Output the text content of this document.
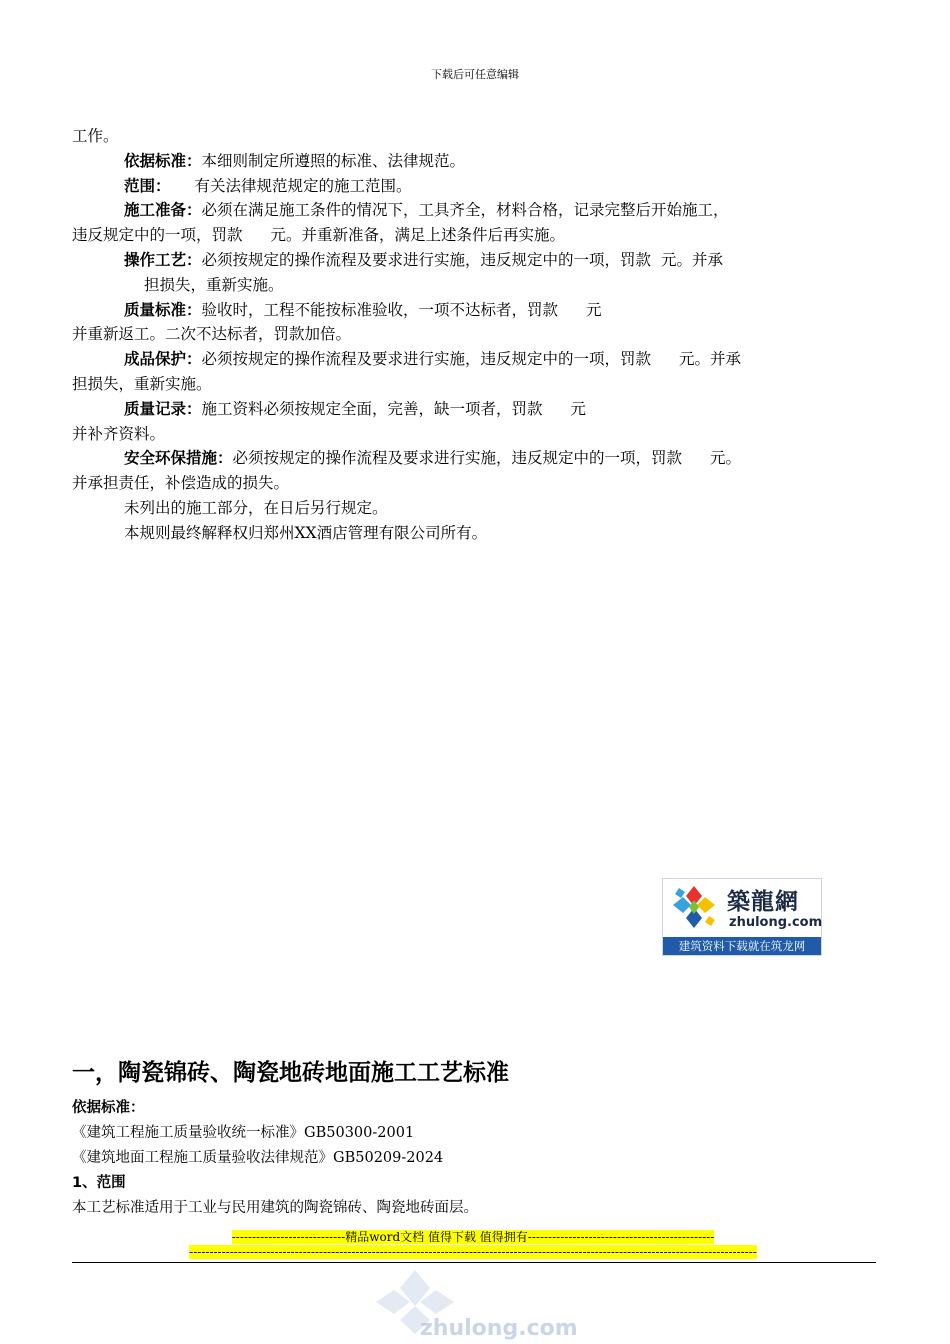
下载后可任意编辑

工作。

依据标准：本细则制定所遵照的标准、法律规范。

范围： 有关法律规范规定的施工范围。

施工准备：必须在满足施工条件的情况下，工具齐全，材料合格，记录完整后开始施工，

违反规定中的一项，罚款 元。并重新准备，满足上述条件后再实施。

操作工艺：必须按规定的操作流程及要求进行实施，违反规定中的一项，罚款 元。并承

担损失，重新实施。

质量标准：验收时，工程不能按标准验收，一项不达标者，罚款 元

并重新返工。二次不达标者，罚款加倍。

成品保护：必须按规定的操作流程及要求进行实施，违反规定中的一项，罚款 元。并承

担损失，重新实施。

质量记录：施工资料必须按规定全面，完善，缺一项者，罚款 元

并补齐资料。

安全环保措施：必须按规定的操作流程及要求进行实施，违反规定中的一项，罚款 元。

并承担责任，补偿造成的损失。

未列出的施工部分，在日后另行规定。

本规则最终解释权归郑州XX酒店管理有限公司所有。

築龍網
zhulong.com
建筑资料下载就在筑龙网
一，陶瓷锦砖、陶瓷地砖地面施工工艺标准
依据标准：
《建筑工程施工质量验收统一标准》GB50300-2001
《建筑地面工程施工质量验收法律规范》GB50209-2024
1、范围
本工艺标准适用于工业与民用建筑的陶瓷锦砖、陶瓷地砖面层。
----------------------------精品word文档 值得下载 值得拥有----------------------------------------------
--------------------------------------------------------------------------------------------------------------------------------------------
zhulong.com
